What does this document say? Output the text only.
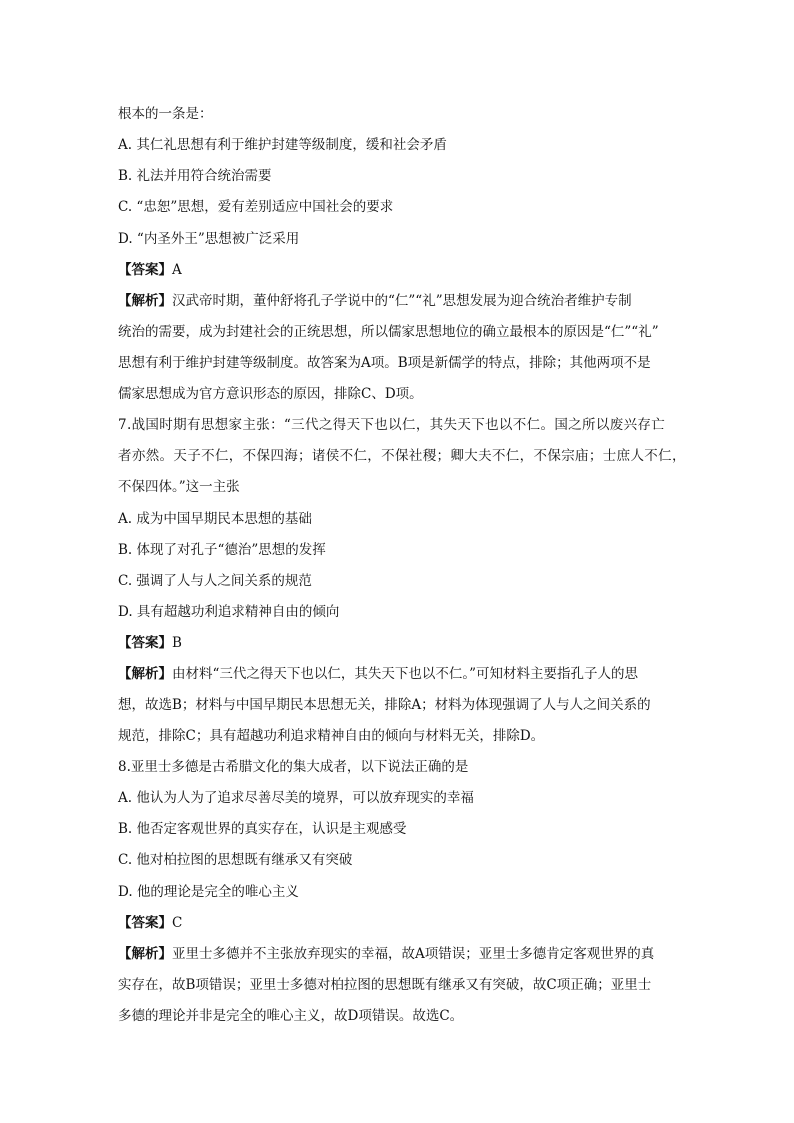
根本的一条是：
A. 其仁礼思想有利于维护封建等级制度，缓和社会矛盾
B. 礼法并用符合统治需要
C. “忠恕”思想，爱有差别适应中国社会的要求
D. “内圣外王”思想被广泛采用
【答案】A
【解析】汉武帝时期，董仲舒将孔子学说中的“仁”“礼”思想发展为迎合统治者维护专制
统治的需要，成为封建社会的正统思想，所以儒家思想地位的确立最根本的原因是“仁”“礼”
思想有利于维护封建等级制度。故答案为A项。B项是新儒学的特点，排除；其他两项不是
儒家思想成为官方意识形态的原因，排除C、D项。
7.战国时期有思想家主张：“三代之得天下也以仁，其失天下也以不仁。国之所以废兴存亡
者亦然。天子不仁，不保四海；诸侯不仁，不保社稷；卿大夫不仁，不保宗庙；士庶人不仁，
不保四体。”这一主张
A. 成为中国早期民本思想的基础
B. 体现了对孔子“德治”思想的发挥
C. 强调了人与人之间关系的规范
D. 具有超越功利追求精神自由的倾向
【答案】B
【解析】由材料“三代之得天下也以仁，其失天下也以不仁。”可知材料主要指孔子人的思
想，故选B；材料与中国早期民本思想无关，排除A；材料为体现强调了人与人之间关系的
规范，排除C；具有超越功利追求精神自由的倾向与材料无关，排除D。
8.亚里士多德是古希腊文化的集大成者，以下说法正确的是
A. 他认为人为了追求尽善尽美的境界，可以放弃现实的幸福
B. 他否定客观世界的真实存在，认识是主观感受
C. 他对柏拉图的思想既有继承又有突破
D. 他的理论是完全的唯心主义
【答案】C
【解析】亚里士多德并不主张放弃现实的幸福，故A项错误；亚里士多德肯定客观世界的真
实存在，故B项错误；亚里士多德对柏拉图的思想既有继承又有突破，故C项正确；亚里士
多德的理论并非是完全的唯心主义，故D项错误。故选C。
